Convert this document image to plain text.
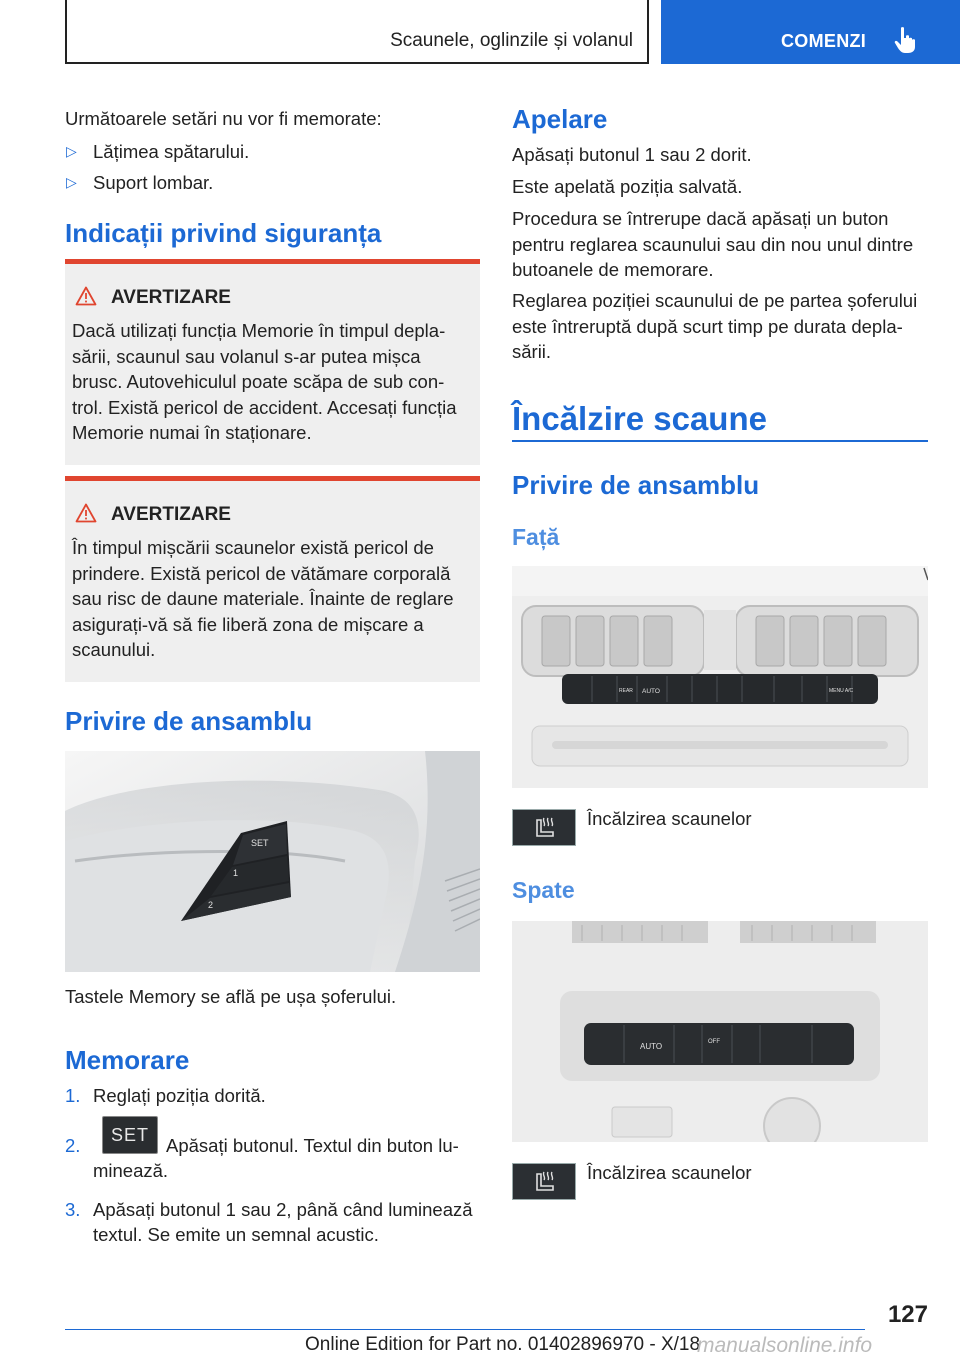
Scaunele, oglinzile și volanul	COMENZI
Următoarele setări nu vor fi memorate:
▷ Lățimea spătarului.
▷ Suport lombar.
Indicații privind siguranța
AVERTIZARE
Dacă utilizați funcția Memorie în timpul depla-
sării, scaunul sau volanul s-ar putea mișca
brusc. Autovehiculul poate scăpa de sub con-
trol. Există pericol de accident. Accesați funcția
Memorie numai în staționare.
AVERTIZARE
În timpul mișcării scaunelor există pericol de
prindere. Există pericol de vătămare corporală
sau risc de daune materiale. Înainte de reglare
asigurați-vă să fie liberă zona de mișcare a
scaunului.
Privire de ansamblu
SET
1
2
Tastele Memory se află pe ușa șoferului.
Memorare
1. Reglați poziția dorită.
2. SET Apăsați butonul. Textul din buton lu-
minează.
3. Apăsați butonul 1 sau 2, până când luminează
textul. Se emite un semnal acustic.
Apelare
Apăsați butonul 1 sau 2 dorit.
Este apelată poziția salvată.
Procedura se întrerupe dacă apăsați un buton
pentru reglarea scaunului sau din nou unul dintre
butoanele de memorare.
Reglarea poziției scaunului de pe partea șoferului
este întreruptă după scurt timp pe durata depla-
sării.
Încălzire scaune
Privire de ansamblu
Față
AUTO
REAR	MENU A/C
Încălzirea scaunelor
Spate
AUTO	OFF
Încălzirea scaunelor
127
Online Edition for Part no. 01402896970 - X/18
manualsonline.info
